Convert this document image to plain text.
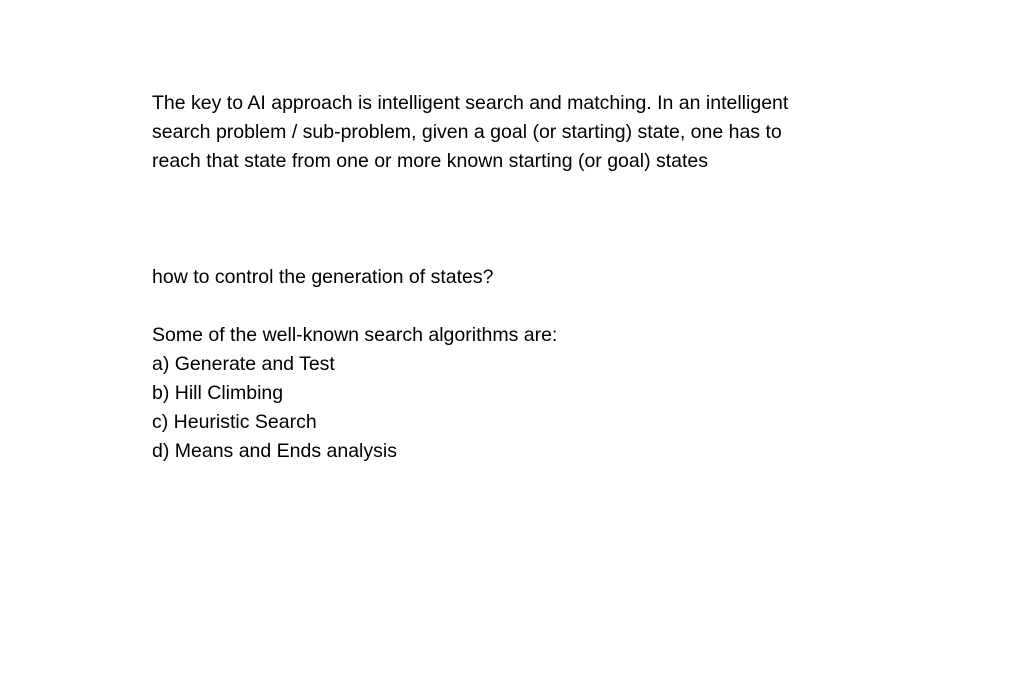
The key to AI approach is intelligent search and matching. In an intelligent
search problem / sub-problem, given a goal (or starting) state, one has to
reach that state from one or more known starting (or goal) states
how to control the generation of states?
Some of the well-known search algorithms are:
a) Generate and Test
b) Hill Climbing
c) Heuristic Search
d) Means and Ends analysis
